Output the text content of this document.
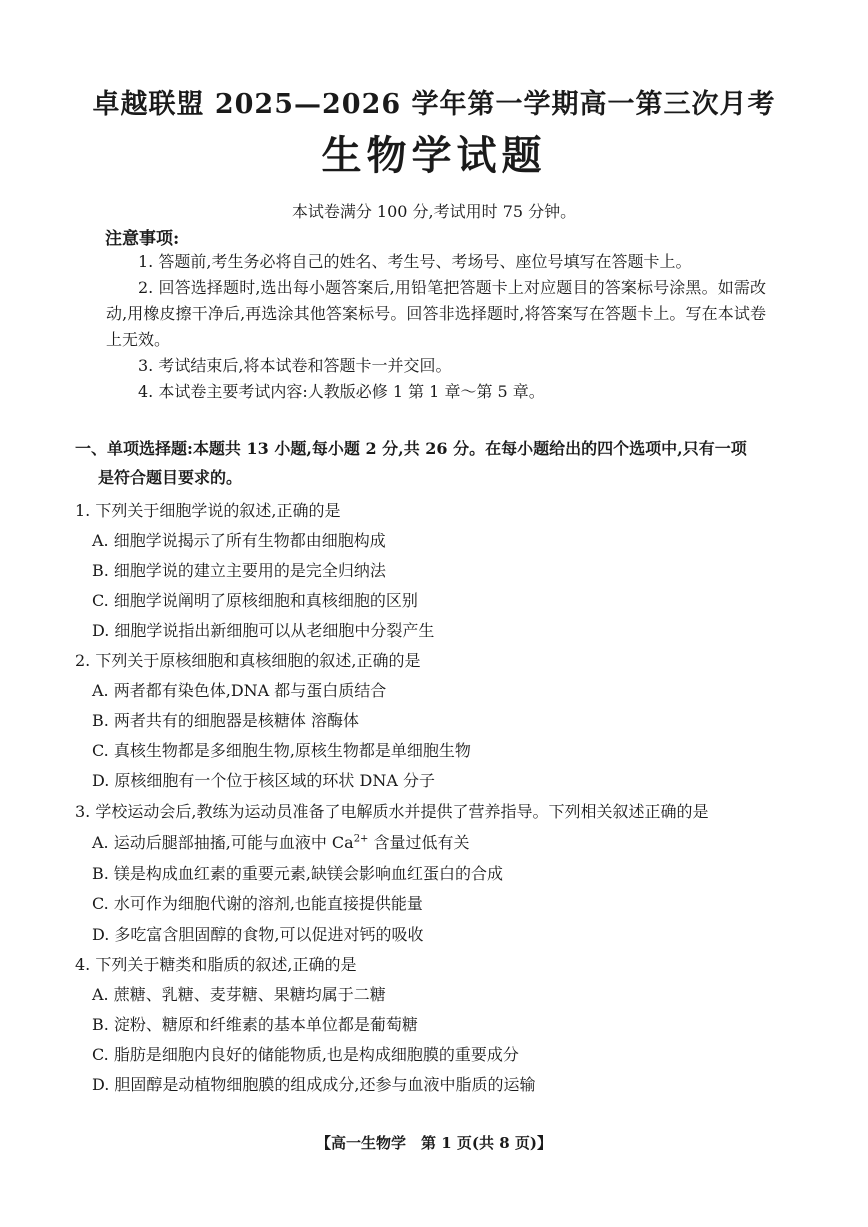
卓越联盟 2025—2026 学年第一学期高一第三次月考
生物学试题
本试卷满分 100 分,考试用时 75 分钟。
注意事项:

1. 答题前,考生务必将自己的姓名、考生号、考场号、座位号填写在答题卡上。

2. 回答选择题时,选出每小题答案后,用铅笔把答题卡上对应题目的答案标号涂黑。如需改动,用橡皮擦干净后,再选涂其他答案标号。回答非选择题时,将答案写在答题卡上。写在本试卷上无效。

3. 考试结束后,将本试卷和答题卡一并交回。

4. 本试卷主要考试内容:人教版必修 1 第 1 章～第 5 章。

一、单项选择题:本题共 13 小题,每小题 2 分,共 26 分。在每小题给出的四个选项中,只有一项
是符合题目要求的。
1. 下列关于细胞学说的叙述,正确的是
A. 细胞学说揭示了所有生物都由细胞构成
B. 细胞学说的建立主要用的是完全归纳法
C. 细胞学说阐明了原核细胞和真核细胞的区别
D. 细胞学说指出新细胞可以从老细胞中分裂产生
2. 下列关于原核细胞和真核细胞的叙述,正确的是
A. 两者都有染色体,DNA 都与蛋白质结合
B. 两者共有的细胞器是核糖体 溶酶体
C. 真核生物都是多细胞生物,原核生物都是单细胞生物
D. 原核细胞有一个位于核区域的环状 DNA 分子
3. 学校运动会后,教练为运动员准备了电解质水并提供了营养指导。下列相关叙述正确的是
A. 运动后腿部抽搐,可能与血液中 $Ca^{2+}$ 含量过低有关
B. 镁是构成血红素的重要元素,缺镁会影响血红蛋白的合成
C. 水可作为细胞代谢的溶剂,也能直接提供能量
D. 多吃富含胆固醇的食物,可以促进对钙的吸收
4. 下列关于糖类和脂质的叙述,正确的是
A. 蔗糖、乳糖、麦芽糖、果糖均属于二糖
B. 淀粉、糖原和纤维素的基本单位都是葡萄糖
C. 脂肪是细胞内良好的储能物质,也是构成细胞膜的重要成分
D. 胆固醇是动植物细胞膜的组成成分,还参与血液中脂质的运输
【高一生物学　第 1 页(共 8 页)】
